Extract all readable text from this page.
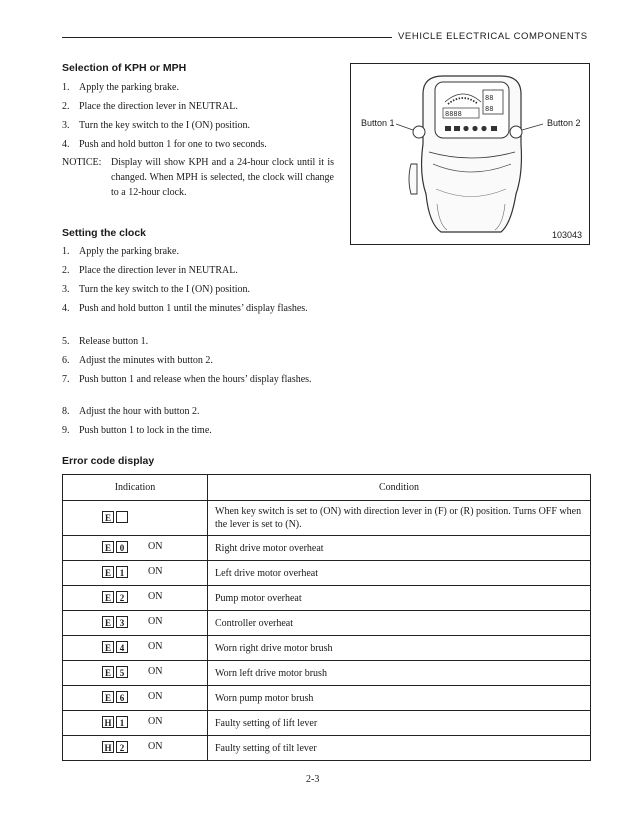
VEHICLE ELECTRICAL COMPONENTS
Selection of KPH or MPH
1. Apply the parking brake.
2. Place the direction lever in NEUTRAL.
3. Turn the key switch to the I (ON) position.
4. Push and hold button 1 for one to two seconds.
NOTICE: Display will show KPH and a 24-hour clock until it is changed. When MPH is selected, the clock will change to a 12-hour clock.
88
88
8888
Button 1	Button 2
103043
Setting the clock
1. Apply the parking brake.
2. Place the direction lever in NEUTRAL.
3. Turn the key switch to the I (ON) position.
4. Push and hold button 1 until the minutes’ display flashes.
5. Release button 1.
6. Adjust the minutes with button 2.
7. Push button 1 and release when the hours’ display flashes.
8. Adjust the hour with button 2.
9. Push button 1 to lock in the time.
Error code display
Indication	Condition

E	When key switch is set to (ON) with direction lever in (F) or (R) position. Turns OFF when the lever is set to (N).

E 0 ON	Right drive motor overheat

E 1 ON	Left drive motor overheat

E 2 ON	Pump motor overheat

E 3 ON	Controller overheat

E 4 ON	Worn right drive motor brush

E 5 ON	Worn left drive motor brush

E 6 ON	Worn pump motor brush

H 1 ON	Faulty setting of lift lever

H 2 ON	Faulty setting of tilt lever
2-3
